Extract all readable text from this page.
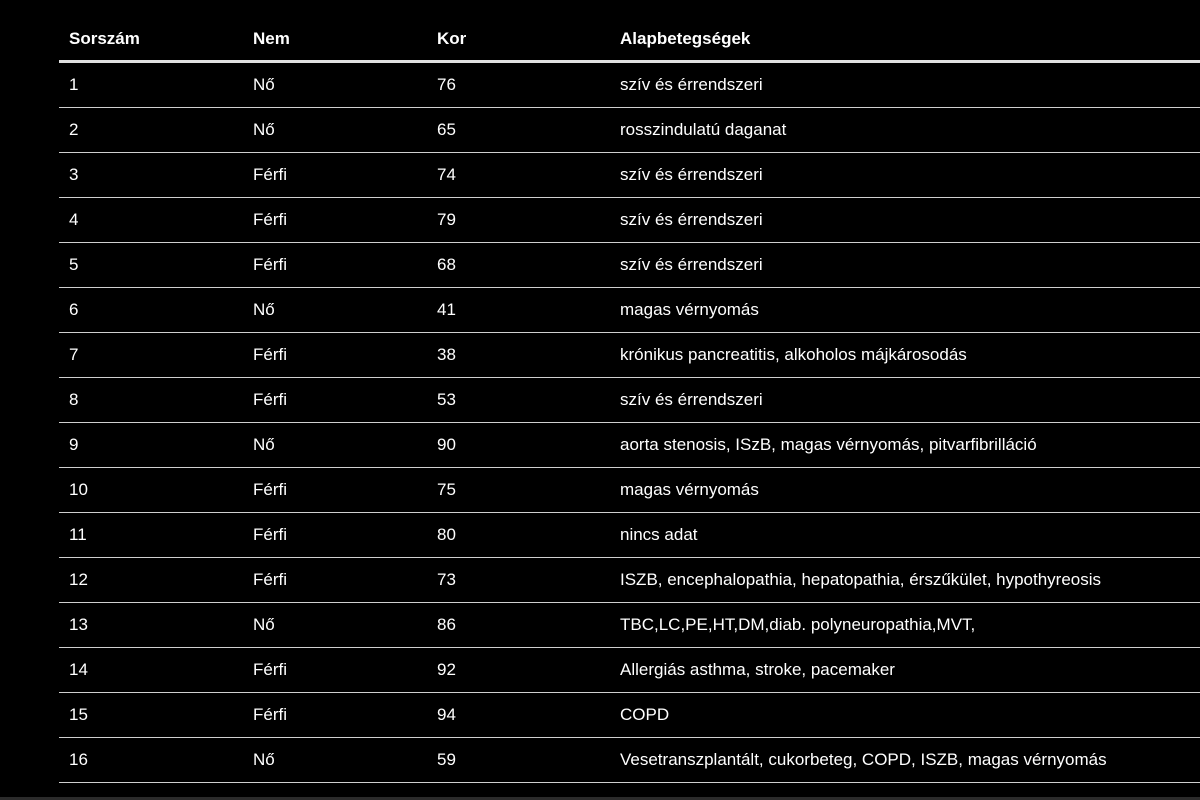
Sorszám	Nem	Kor	Alapbetegségek
1	Nő	76	szív és érrendszeri
2	Nő	65	rosszindulatú daganat
3	Férfi	74	szív és érrendszeri
4	Férfi	79	szív és érrendszeri
5	Férfi	68	szív és érrendszeri
6	Nő	41	magas vérnyomás
7	Férfi	38	krónikus pancreatitis, alkoholos májkárosodás
8	Férfi	53	szív és érrendszeri
9	Nő	90	aorta stenosis, ISzB, magas vérnyomás, pitvarfibrilláció
10	Férfi	75	magas vérnyomás
11	Férfi	80	nincs adat
12	Férfi	73	ISZB, encephalopathia, hepatopathia, érszűkület, hypothyreosis
13	Nő	86	TBC,LC,PE,HT,DM,diab. polyneuropathia,MVT,
14	Férfi	92	Allergiás asthma, stroke, pacemaker
15	Férfi	94	COPD
16	Nő	59	Vesetranszplantált, cukorbeteg, COPD, ISZB, magas vérnyomás
